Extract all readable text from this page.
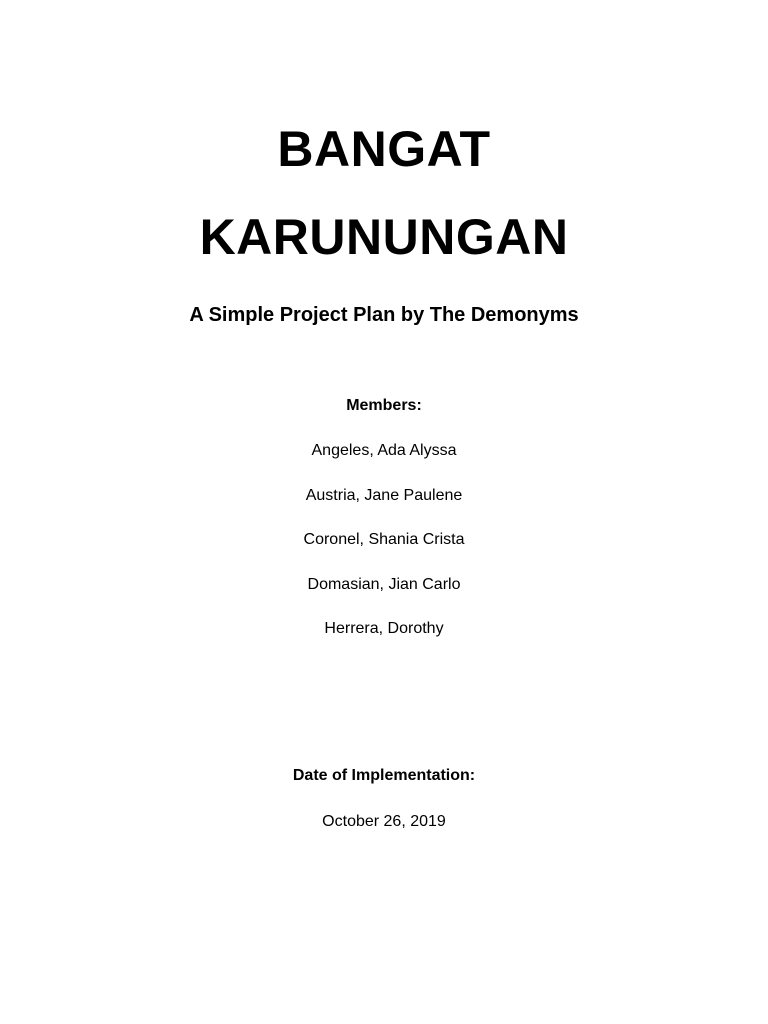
BANGAT
KARUNUNGAN
A Simple Project Plan by The Demonyms
Members:
Angeles, Ada Alyssa
Austria, Jane Paulene
Coronel, Shania Crista
Domasian, Jian Carlo
Herrera, Dorothy
Date of Implementation:
October 26, 2019
